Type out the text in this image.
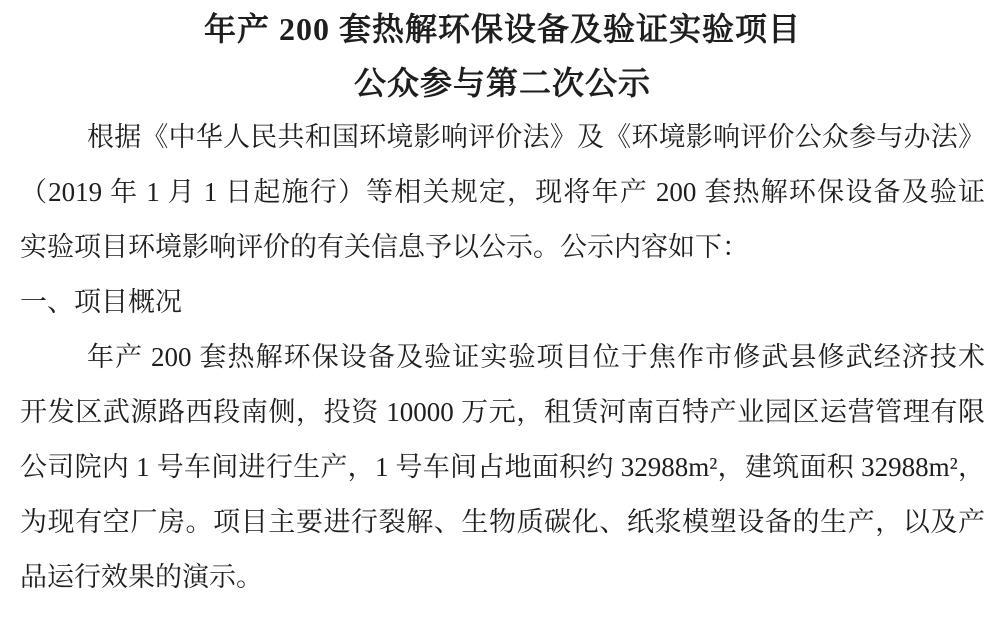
年产 200 套热解环保设备及验证实验项目
公众参与第二次公示

根据《中华人民共和国环境影响评价法》及《环境影响评价公众参与办法》
（2019 年 1 月 1 日起施行）等相关规定，现将年产 200 套热解环保设备及验证
实验项目环境影响评价的有关信息予以公示。公示内容如下：

一、项目概况

年产 200 套热解环保设备及验证实验项目位于焦作市修武县修武经济技术
开发区武源路西段南侧，投资 10000 万元，租赁河南百特产业园区运营管理有限
公司院内 1 号车间进行生产，1 号车间占地面积约 32988m²，建筑面积 32988m²，
为现有空厂房。项目主要进行裂解、生物质碳化、纸浆模塑设备的生产，以及产
品运行效果的演示。
